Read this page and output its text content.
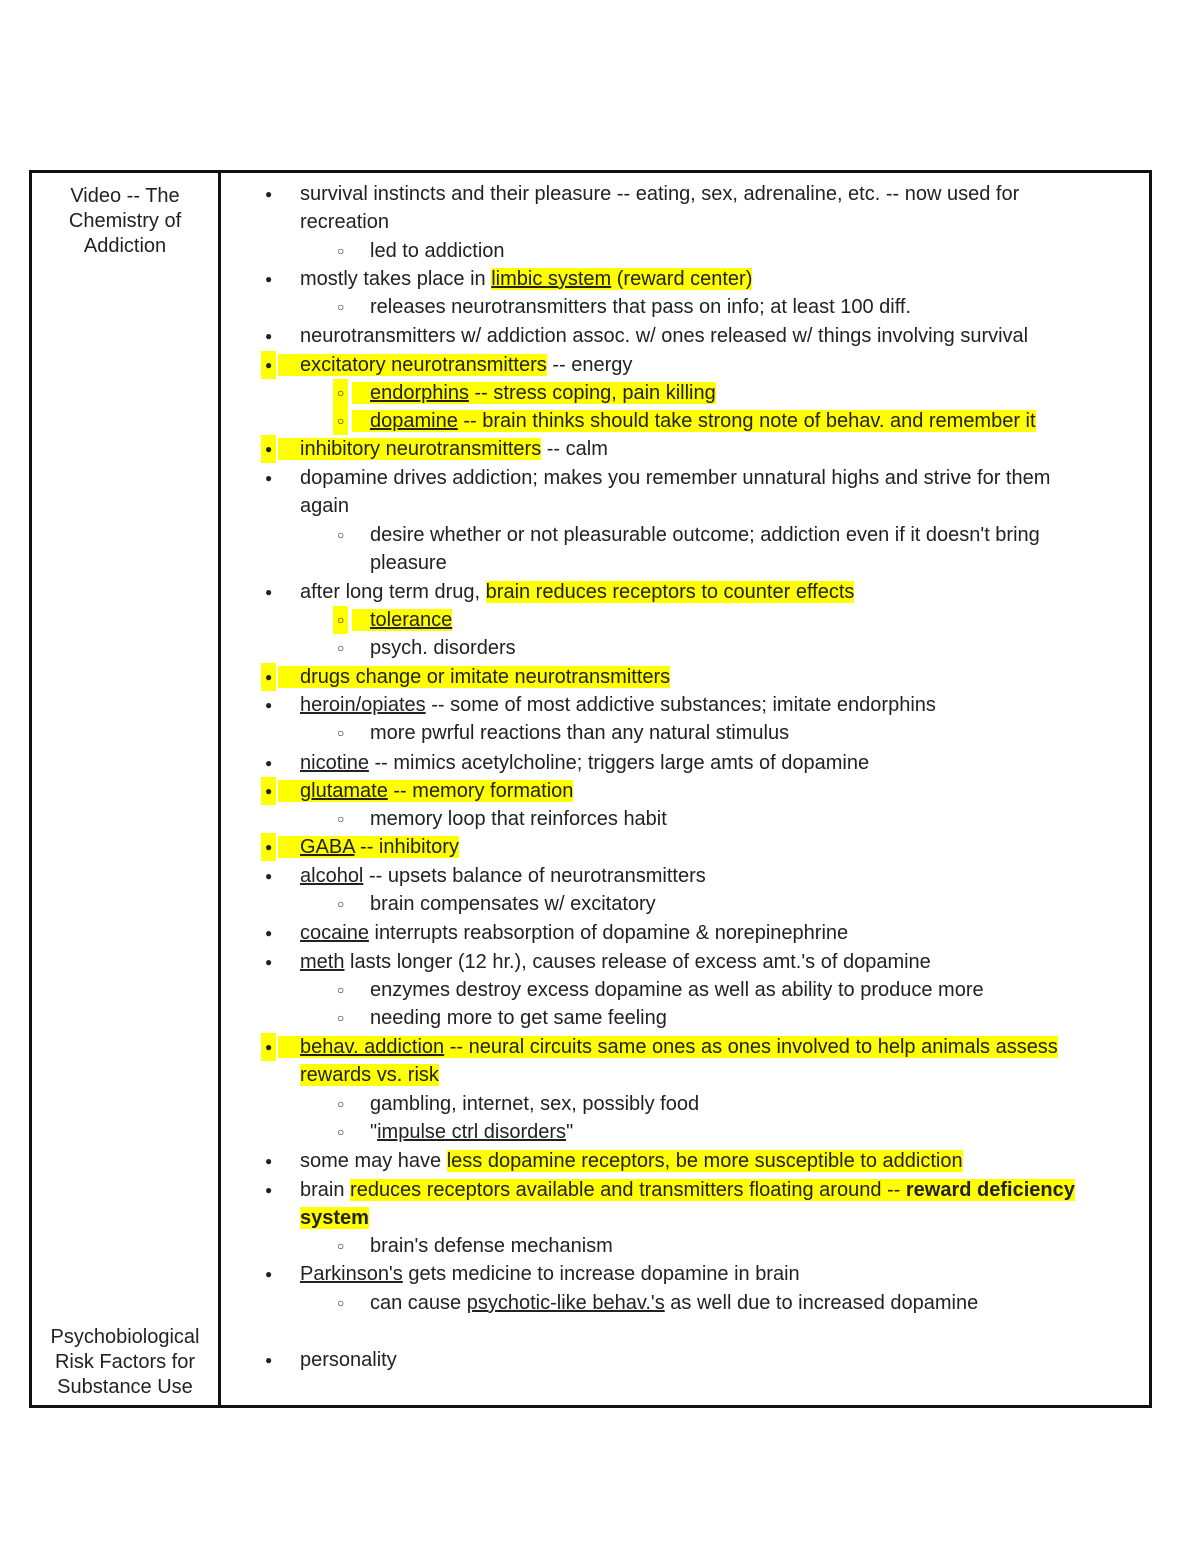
Video -- The
Chemistry of
Addiction
Psychobiological
Risk Factors for
Substance Use
● survival instincts and their pleasure -- eating, sex, adrenaline, etc. -- now used for
recreation
○ led to addiction
● mostly takes place in limbic system (reward center)
○ releases neurotransmitters that pass on info; at least 100 diff.
● neurotransmitters w/ addiction assoc. w/ ones released w/ things involving survival
● excitatory neurotransmitters -- energy
○ endorphins -- stress coping, pain killing
○ dopamine -- brain thinks should take strong note of behav. and remember it
● inhibitory neurotransmitters -- calm
● dopamine drives addiction; makes you remember unnatural highs and strive for them
again
○ desire whether or not pleasurable outcome; addiction even if it doesn't bring
pleasure
● after long term drug, brain reduces receptors to counter effects
○ tolerance
○ psych. disorders
● drugs change or imitate neurotransmitters
● heroin/opiates -- some of most addictive substances; imitate endorphins
○ more pwrful reactions than any natural stimulus
● nicotine -- mimics acetylcholine; triggers large amts of dopamine
● glutamate -- memory formation
○ memory loop that reinforces habit
● GABA -- inhibitory
● alcohol -- upsets balance of neurotransmitters
○ brain compensates w/ excitatory
● cocaine interrupts reabsorption of dopamine & norepinephrine
● meth lasts longer (12 hr.), causes release of excess amt.'s of dopamine
○ enzymes destroy excess dopamine as well as ability to produce more
○ needing more to get same feeling
● behav. addiction -- neural circuits same ones as ones involved to help animals assess
rewards vs. risk
○ gambling, internet, sex, possibly food
○ "impulse ctrl disorders"
● some may have less dopamine receptors, be more susceptible to addiction
● brain reduces receptors available and transmitters floating around -- reward deficiency
system
○ brain's defense mechanism
● Parkinson's gets medicine to increase dopamine in brain
○ can cause psychotic-like behav.'s as well due to increased dopamine
● personality
